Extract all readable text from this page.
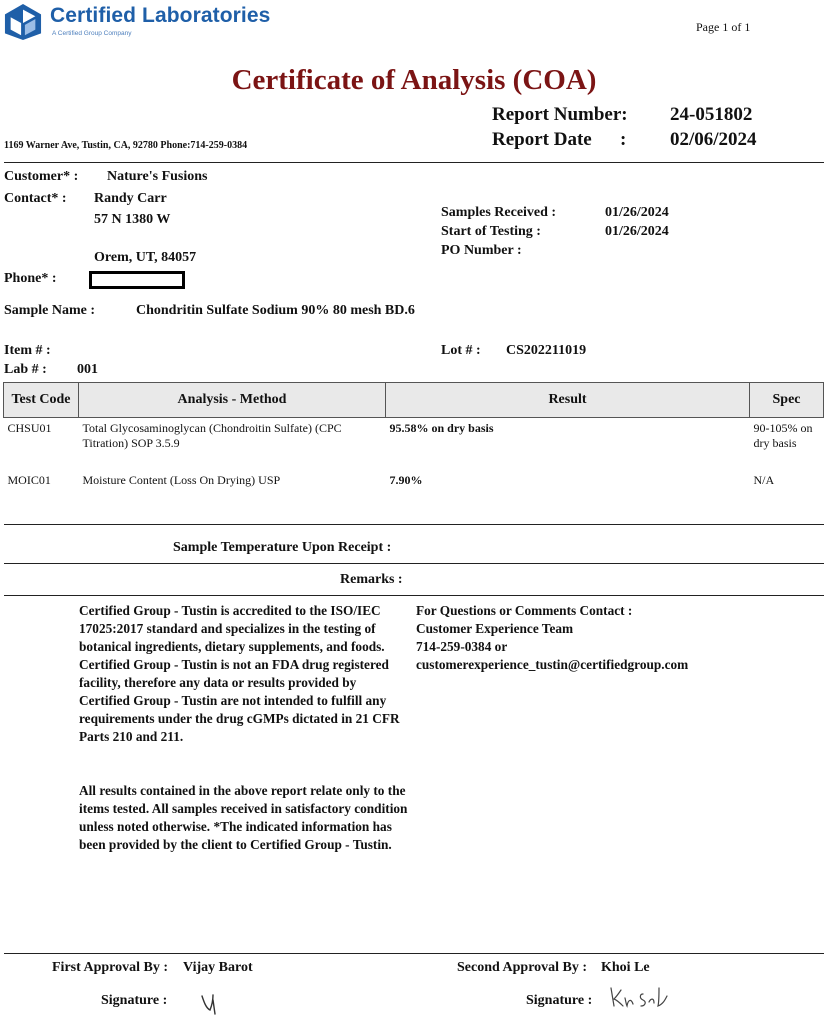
Certified Laboratories
A Certified Group Company	Page 1 of 1
Certificate of Analysis (COA)
Report Number: 24-051802
Report Date : 02/06/2024
1169 Warner Ave, Tustin, CA, 92780 Phone:714-259-0384
Customer* : Nature's Fusions
Contact* : Randy Carr
57 N 1380 W
Orem, UT, 84057
Phone* :
Samples Received :	01/26/2024
Start of Testing :	01/26/2024
PO Number :
Sample Name :	Chondritin Sulfate Sodium 90% 80 mesh BD.6
Item # :	Lot # : CS202211019
Lab # : 001
Test Code	Analysis - Method	Result	Spec
CHSU01	Total Glycosaminoglycan (Chondroitin Sulfate) (CPC Titration) SOP 3.5.9	95.58% on dry basis	90-105% on dry basis
MOIC01	Moisture Content (Loss On Drying) USP	7.90%	N/A
Sample Temperature Upon Receipt :
Remarks :
Certified Group - Tustin is accredited to the ISO/IEC 17025:2017 standard and specializes in the testing of botanical ingredients, dietary supplements, and foods. Certified Group - Tustin is not an FDA drug registered facility, therefore any data or results provided by Certified Group - Tustin are not intended to fulfill any requirements under the drug cGMPs dictated in 21 CFR Parts 210 and 211.
All results contained in the above report relate only to the items tested. All samples received in satisfactory condition unless noted otherwise. *The indicated information has been provided by the client to Certified Group - Tustin.
For Questions or Comments Contact :
Customer Experience Team
714-259-0384 or
customerexperience_tustin@certifiedgroup.com
First Approval By : Vijay Barot	Second Approval By : Khoi Le
Signature :	Signature :
